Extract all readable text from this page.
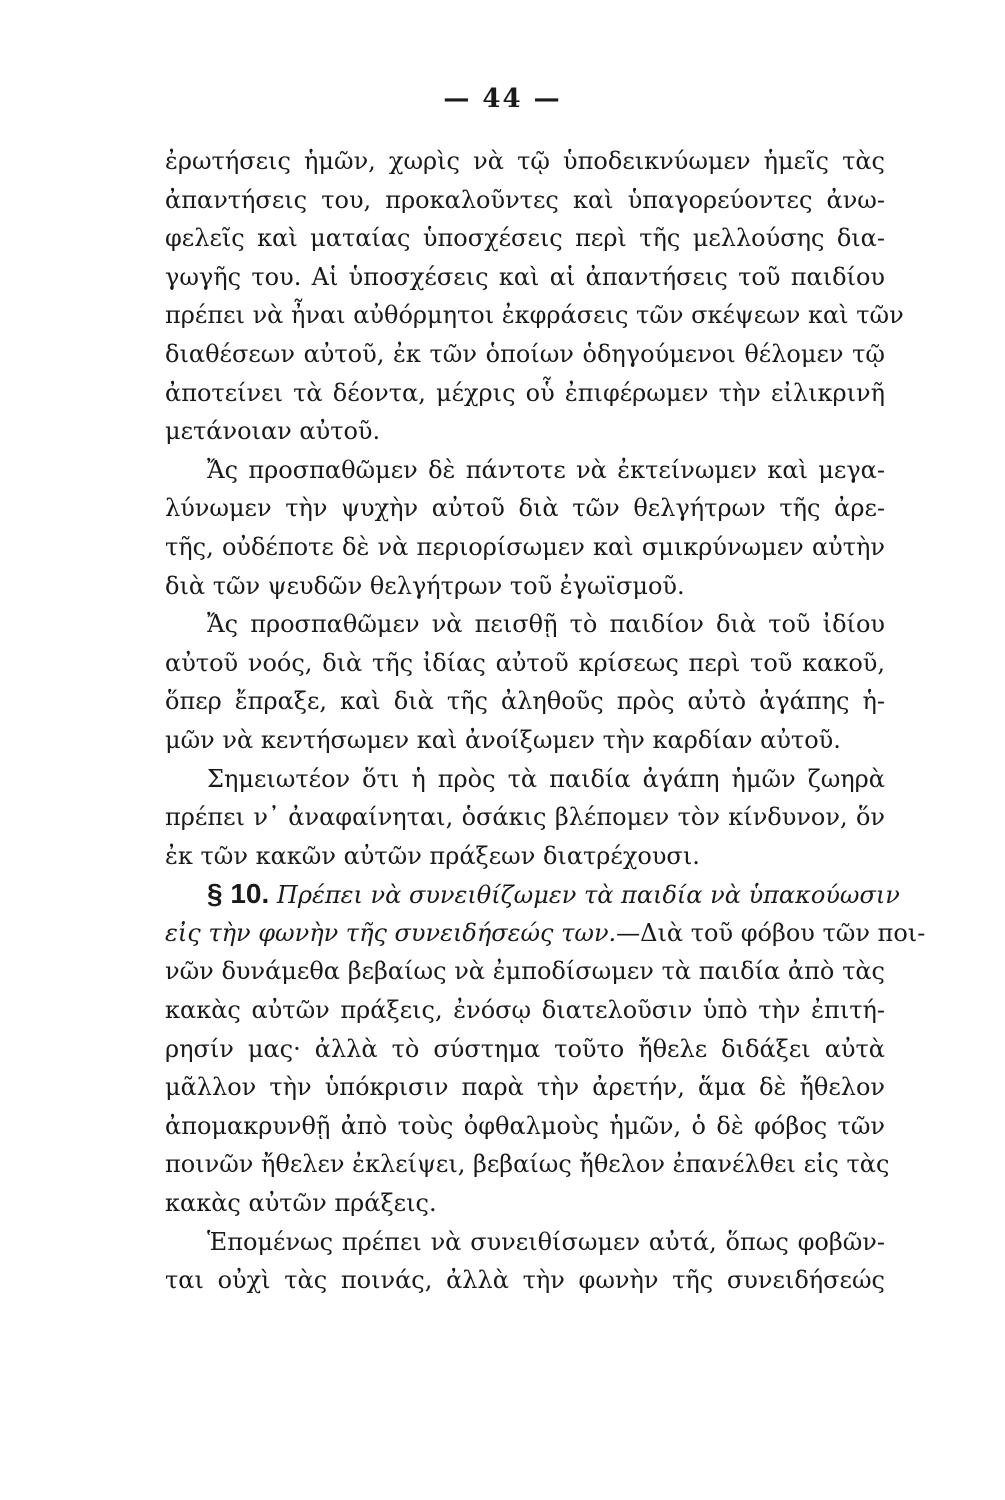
— 44 —
ἐρωτήσεις ἡμῶν, χωρὶς νὰ τῷ ὑποδεικνύωμεν ἡμεῖς τὰς
ἀπαντήσεις του, προκαλοῦντες καὶ ὑπαγορεύοντες ἀνω-
φελεῖς καὶ ματαίας ὑποσχέσεις περὶ τῆς μελλούσης δια-
γωγῆς του. Αἱ ὑποσχέσεις καὶ αἱ ἀπαντήσεις τοῦ παιδίου
πρέπει νὰ ἦναι αὐθόρμητοι ἐκφράσεις τῶν σκέψεων καὶ τῶν
διαθέσεων αὐτοῦ, ἐκ τῶν ὁποίων ὁδηγούμενοι θέλομεν τῷ
ἀποτείνει τὰ δέοντα, μέχρις οὗ ἐπιφέρωμεν τὴν εἰλικρινῆ
μετάνοιαν αὐτοῦ.
Ἄς προσπαθῶμεν δὲ πάντοτε νὰ ἐκτείνωμεν καὶ μεγα-
λύνωμεν τὴν ψυχὴν αὐτοῦ διὰ τῶν θελγήτρων τῆς ἀρε-
τῆς, οὐδέποτε δὲ νὰ περιορίσωμεν καὶ σμικρύνωμεν αὐτὴν
διὰ τῶν ψευδῶν θελγήτρων τοῦ ἐγωϊσμοῦ.
Ἄς προσπαθῶμεν νὰ πεισθῇ τὸ παιδίον διὰ τοῦ ἰδίου
αὐτοῦ νοός, διὰ τῆς ἰδίας αὐτοῦ κρίσεως περὶ τοῦ κακοῦ,
ὅπερ ἔπραξε, καὶ διὰ τῆς ἀληθοῦς πρὸς αὐτὸ ἀγάπης ἡ-
μῶν νὰ κεντήσωμεν καὶ ἀνοίξωμεν τὴν καρδίαν αὐτοῦ.
Σημειωτέον ὅτι ἡ πρὸς τὰ παιδία ἀγάπη ἡμῶν ζωηρὰ
πρέπει ν᾿ ἀναφαίνηται, ὁσάκις βλέπομεν τὸν κίνδυνον, ὅν
ἐκ τῶν κακῶν αὐτῶν πράξεων διατρέχουσι.
§ 10. Πρέπει νὰ συνειθίζωμεν τὰ παιδία νὰ ὑπακούωσιν
εἰς τὴν φωνὴν τῆς συνειδήσεώς των.—Διὰ τοῦ φόβου τῶν ποι-
νῶν δυνάμεθα βεβαίως νὰ ἐμποδίσωμεν τὰ παιδία ἀπὸ τὰς
κακὰς αὐτῶν πράξεις, ἐνόσῳ διατελοῦσιν ὑπὸ τὴν ἐπιτή-
ρησίν μας· ἀλλὰ τὸ σύστημα τοῦτο ἤθελε διδάξει αὐτὰ
μᾶλλον τὴν ὑπόκρισιν παρὰ τὴν ἀρετήν, ἅμα δὲ ἤθελον
ἀπομακρυνθῇ ἀπὸ τοὺς ὀφθαλμοὺς ἡμῶν, ὁ δὲ φόβος τῶν
ποινῶν ἤθελεν ἐκλείψει, βεβαίως ἤθελον ἐπανέλθει εἰς τὰς
κακὰς αὐτῶν πράξεις.
Ἑπομένως πρέπει νὰ συνειθίσωμεν αὐτά, ὅπως φοβῶν-
ται οὐχὶ τὰς ποινάς, ἀλλὰ τὴν φωνὴν τῆς συνειδήσεώς
